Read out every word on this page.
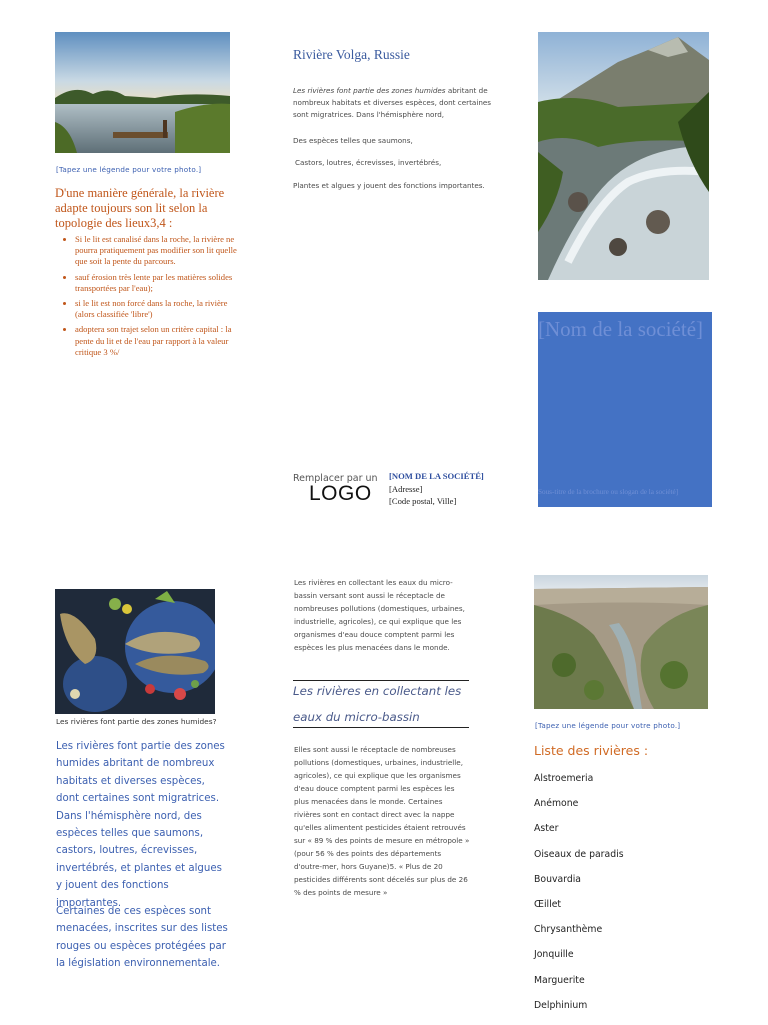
[Tapez une légende pour votre photo.]
D'une manière générale, la rivière adapte toujours son lit selon la topologie des lieux3,4 :
• Si le lit est canalisé dans la roche, la rivière ne pourra pratiquement pas modifier son lit quelle que soit la pente du parcours.
• sauf érosion très lente par les matières solides transportées par l'eau);
• si le lit est non forcé dans la roche, la rivière (alors classifiée 'libre')
• adoptera son trajet selon un critère capital : la pente du lit et de l'eau par rapport à la valeur critique 3 %/
Rivière Volga, Russie
Les rivières font partie des zones humides abritant de nombreux habitats et diverses espèces, dont certaines sont migratrices. Dans l'hémisphère nord,
Des espèces telles que saumons,
Castors, loutres, écrevisses, invertébrés,
Plantes et algues y jouent des fonctions importantes.
Remplacer par un
LOGO
[NOM DE LA SOCIÉTÉ]
[Adresse]
[Code postal, Ville]
[Nom de la société]
Sous-titre de la brochure ou slogan de la société]
Les rivières font partie des zones humides?
Les rivières font partie des zones humides abritant de nombreux habitats et diverses espèces, dont certaines sont migratrices. Dans l'hémisphère nord, des espèces telles que saumons, castors, loutres, écrevisses, invertébrés, et plantes et algues y jouent des fonctions importantes.
Certaines de ces espèces sont menacées, inscrites sur des listes rouges ou espèces protégées par la législation environnementale.
Les rivières en collectant les eaux du micro-bassin versant sont aussi le réceptacle de nombreuses pollutions (domestiques, urbaines, industrielle, agricoles), ce qui explique que les organismes d'eau douce comptent parmi les espèces les plus menacées dans le monde.
Les rivières en collectant les eaux du micro-bassin
Elles sont aussi le réceptacle de nombreuses pollutions (domestiques, urbaines, industrielle, agricoles), ce qui explique que les organismes d'eau douce comptent parmi les espèces les plus menacées dans le monde. Certaines rivières sont en contact direct avec la nappe qu'elles alimentent pesticides étaient retrouvés sur « 89 % des points de mesure en métropole » (pour 56 % des points des départements d'outre-mer, hors Guyane)5. « Plus de 20 pesticides différents sont décelés sur plus de 26 % des points de mesure »
[Tapez une légende pour votre photo.]
Liste des rivières :
Alstroemeria
Anémone
Aster
Oiseaux de paradis
Bouvardia
Œillet
Chrysanthème
Jonquille
Marguerite
Delphinium
